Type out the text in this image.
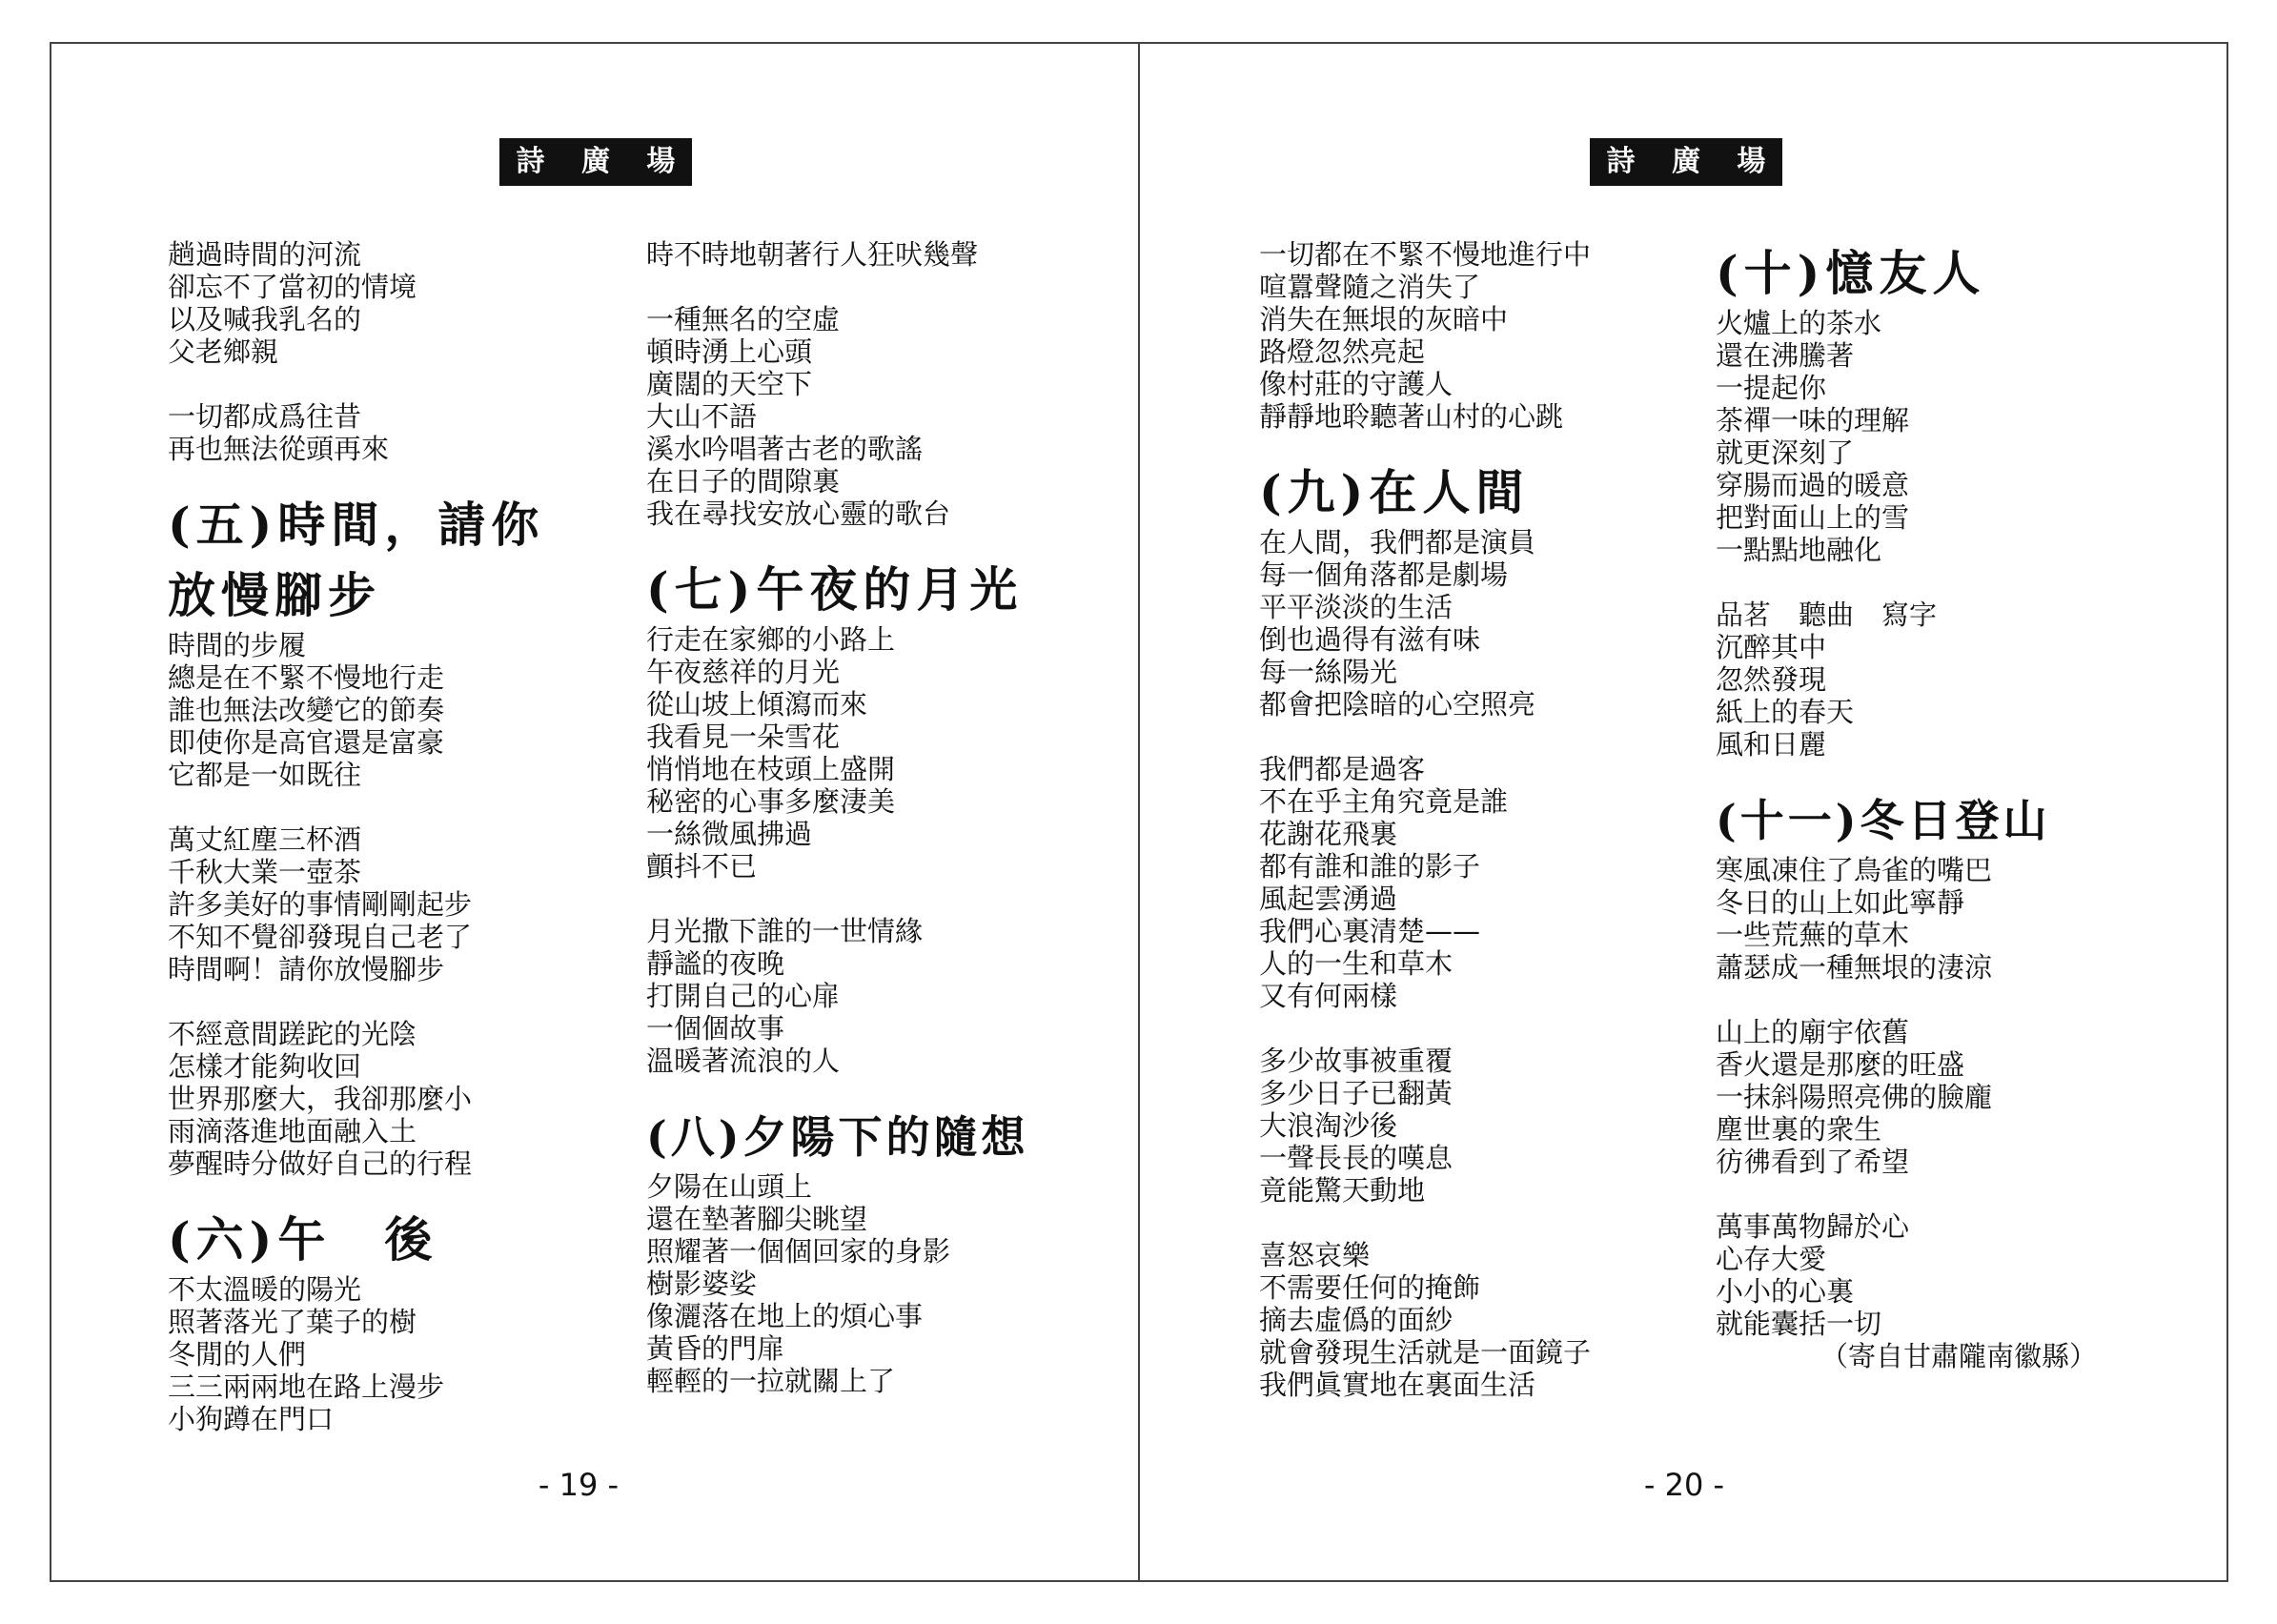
詩 廣 場
趟過時間的河流
卻忘不了當初的情境
以及喊我乳名的
父老鄉親
一切都成爲往昔
再也無法從頭再來
(五)時間，請你
放慢腳步
時間的步履
總是在不緊不慢地行走
誰也無法改變它的節奏
即使你是高官還是富豪
它都是一如既往
萬丈紅塵三杯酒
千秋大業一壺茶
許多美好的事情剛剛起步
不知不覺卻發現自己老了
時間啊！請你放慢腳步
不經意間蹉跎的光陰
怎樣才能夠收回
世界那麼大，我卻那麼小
雨滴落進地面融入土
夢醒時分做好自己的行程
(六)午　後
不太溫暖的陽光
照著落光了葉子的樹
冬閒的人們
三三兩兩地在路上漫步
小狗蹲在門口
時不時地朝著行人狂吠幾聲
一種無名的空虛
頓時湧上心頭
廣闊的天空下
大山不語
溪水吟唱著古老的歌謠
在日子的間隙裏
我在尋找安放心靈的歌台
(七)午夜的月光
行走在家鄉的小路上
午夜慈祥的月光
從山坡上傾瀉而來
我看見一朵雪花
悄悄地在枝頭上盛開
秘密的心事多麼淒美
一絲微風拂過
顫抖不已
月光撒下誰的一世情緣
靜謐的夜晚
打開自己的心扉
一個個故事
溫暖著流浪的人
(八)夕陽下的隨想
夕陽在山頭上
還在墊著腳尖眺望
照耀著一個個回家的身影
樹影婆娑
像灑落在地上的煩心事
黃昏的門扉
輕輕的一拉就關上了
- 19 -
詩 廣 場
一切都在不緊不慢地進行中
喧囂聲隨之消失了
消失在無垠的灰暗中
路燈忽然亮起
像村莊的守護人
靜靜地聆聽著山村的心跳
(九)在人間
在人間，我們都是演員
每一個角落都是劇場
平平淡淡的生活
倒也過得有滋有味
每一絲陽光
都會把陰暗的心空照亮
我們都是過客
不在乎主角究竟是誰
花謝花飛裏
都有誰和誰的影子
風起雲湧過
我們心裏清楚——
人的一生和草木
又有何兩樣
多少故事被重覆
多少日子已翻黃
大浪淘沙後
一聲長長的嘆息
竟能驚天動地
喜怒哀樂
不需要任何的掩飾
摘去虛僞的面紗
就會發現生活就是一面鏡子
我們眞實地在裏面生活
(十)憶友人
火爐上的茶水
還在沸騰著
一提起你
茶禪一味的理解
就更深刻了
穿腸而過的暖意
把對面山上的雪
一點點地融化
品茗　聽曲　寫字
沉醉其中
忽然發現
紙上的春天
風和日麗
(十一)冬日登山
寒風凍住了鳥雀的嘴巴
冬日的山上如此寧靜
一些荒蕪的草木
蕭瑟成一種無垠的淒涼
山上的廟宇依舊
香火還是那麼的旺盛
一抹斜陽照亮佛的臉龐
塵世裏的衆生
彷彿看到了希望
萬事萬物歸於心
心存大愛
小小的心裏
就能囊括一切
（寄自甘肅隴南徽縣）
- 20 -
